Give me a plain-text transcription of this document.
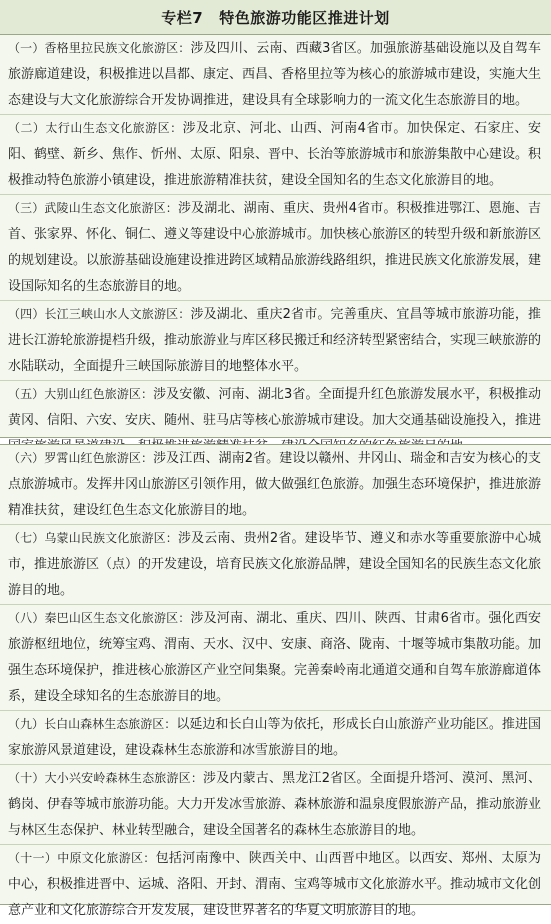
专栏7 特色旅游功能区推进计划

（一）香格里拉民族文化旅游区：涉及四川、云南、西藏3省区。加强旅游基础设施以及自驾车旅游廊道建设，积极推进以昌都、康定、西昌、香格里拉等为核心的旅游城市建设，实施大生态建设与大文化旅游综合开发协调推进，建设具有全球影响力的一流文化生态旅游目的地。

（二）太行山生态文化旅游区：涉及北京、河北、山西、河南4省市。加快保定、石家庄、安阳、鹤壁、新乡、焦作、忻州、太原、阳泉、晋中、长治等旅游城市和旅游集散中心建设。积极推动特色旅游小镇建设，推进旅游精准扶贫，建设全国知名的生态文化旅游目的地。

（三）武陵山生态文化旅游区：涉及湖北、湖南、重庆、贵州4省市。积极推进鄂江、恩施、吉首、张家界、怀化、铜仁、遵义等建设中心旅游城市。加快核心旅游区的转型升级和新旅游区的规划建设。以旅游基础设施建设推进跨区域精品旅游线路组织，推进民族文化旅游发展，建设国际知名的生态旅游目的地。

（四）长江三峡山水人文旅游区：涉及湖北、重庆2省市。完善重庆、宜昌等城市旅游功能，推进长江游轮旅游提档升级，推动旅游业与库区移民搬迁和经济转型紧密结合，实现三峡旅游的水陆联动，全面提升三峡国际旅游目的地整体水平。

（五）大别山红色旅游区：涉及安徽、河南、湖北3省。全面提升红色旅游发展水平，积极推动黄冈、信阳、六安、安庆、随州、驻马店等核心旅游城市建设。加大交通基础设施投入，推进

（六）罗霄山红色旅游区：涉及江西、湖南2省。建设以赣州、井冈山、瑞金和吉安为核心的支点旅游城市。发挥井冈山旅游区引领作用，做大做强红色旅游。加强生态环境保护，推进旅游精准扶贫，建设红色生态文化旅游目的地。

（七）乌蒙山民族文化旅游区：涉及云南、贵州2省。建设毕节、遵义和赤水等重要旅游中心城市，推进旅游区（点）的开发建设，培育民族文化旅游品牌，建设全国知名的民族生态文化旅游目的地。

（八）秦巴山区生态文化旅游区：涉及河南、湖北、重庆、四川、陕西、甘肃6省市。强化西安旅游枢纽地位，统筹宝鸡、渭南、天水、汉中、安康、商洛、陇南、十堰等城市集散功能。加强生态环境保护，推进核心旅游区产业空间集聚。完善秦岭南北通道交通和自驾车旅游廊道体系，建设全球知名的生态旅游目的地。

（九）长白山森林生态旅游区：以延边和长白山等为依托，形成长白山旅游产业功能区。推进国家旅游风景道建设，建设森林生态旅游和冰雪旅游目的地。

（十）大小兴安岭森林生态旅游区：涉及内蒙古、黑龙江2省区。全面提升塔河、漠河、黑河、鹤岗、伊春等城市旅游功能。大力开发冰雪旅游、森林旅游和温泉度假旅游产品，推动旅游业与林区生态保护、林业转型融合，建设全国著名的森林生态旅游目的地。

（十一）中原文化旅游区：包括河南豫中、陕西关中、山西晋中地区。以西安、郑州、太原为中心，积极推进晋中、运城、洛阳、开封、渭南、宝鸡等城市文化旅游水平。推动城市文化创意产业和文化旅游综合开发发展，建设世界著名的华夏文明旅游目的地。
